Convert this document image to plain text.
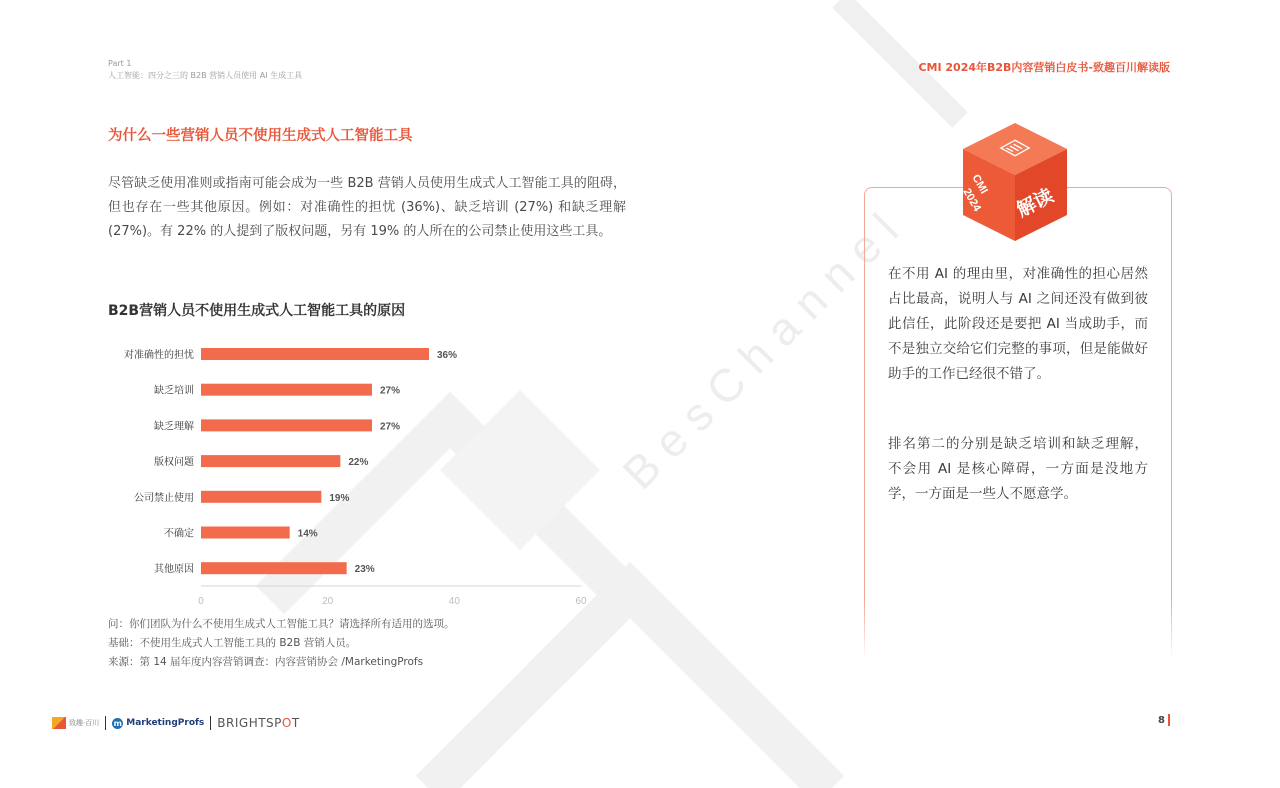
B e s C h a n n e l
Part 1
人工智能：四分之三的 B2B 营销人员使用 AI 生成工具
CMI 2024年B2B内容营销白皮书-致趣百川解读版
为什么一些营销人员不使用生成式人工智能工具
尽管缺乏使用准则或指南可能会成为一些 B2B 营销人员使用生成式人工智能工具的阻碍，但也存在一些其他原因。例如：对准确性的担忧 (36%)、缺乏培训 (27%) 和缺乏理解 (27%)。有 22% 的人提到了版权问题，另有 19% 的人所在的公司禁止使用这些工具。
B2B营销人员不使用生成式人工智能工具的原因
对准确性的担忧
缺乏培训
缺乏理解
版权问题
公司禁止使用
不确定
其他原因
36%
27%
27%
22%
19%
14%
23%
0	20	40	60
问：你们团队为什么不使用生成式人工智能工具？请选择所有适用的选项。
基础：不使用生成式人工智能工具的 B2B 营销人员。
来源：第 14 届年度内容营销调查：内容营销协会 /MarketingProfs
CMI
2024 解读
在不用 AI 的理由里，对准确性的担心居然占比最高，说明人与 AI 之间还没有做到彼此信任，此阶段还是要把 AI 当成助手，而不是独立交给它们完整的事项，但是能做好助手的工作已经很不错了。
排名第二的分别是缺乏培训和缺乏理解， 不会用 AI 是核心障碍，一方面是没地方学，一方面是一些人不愿意学。
致趣·百川 m MarketingProfs BRIGHTSPOT	8
